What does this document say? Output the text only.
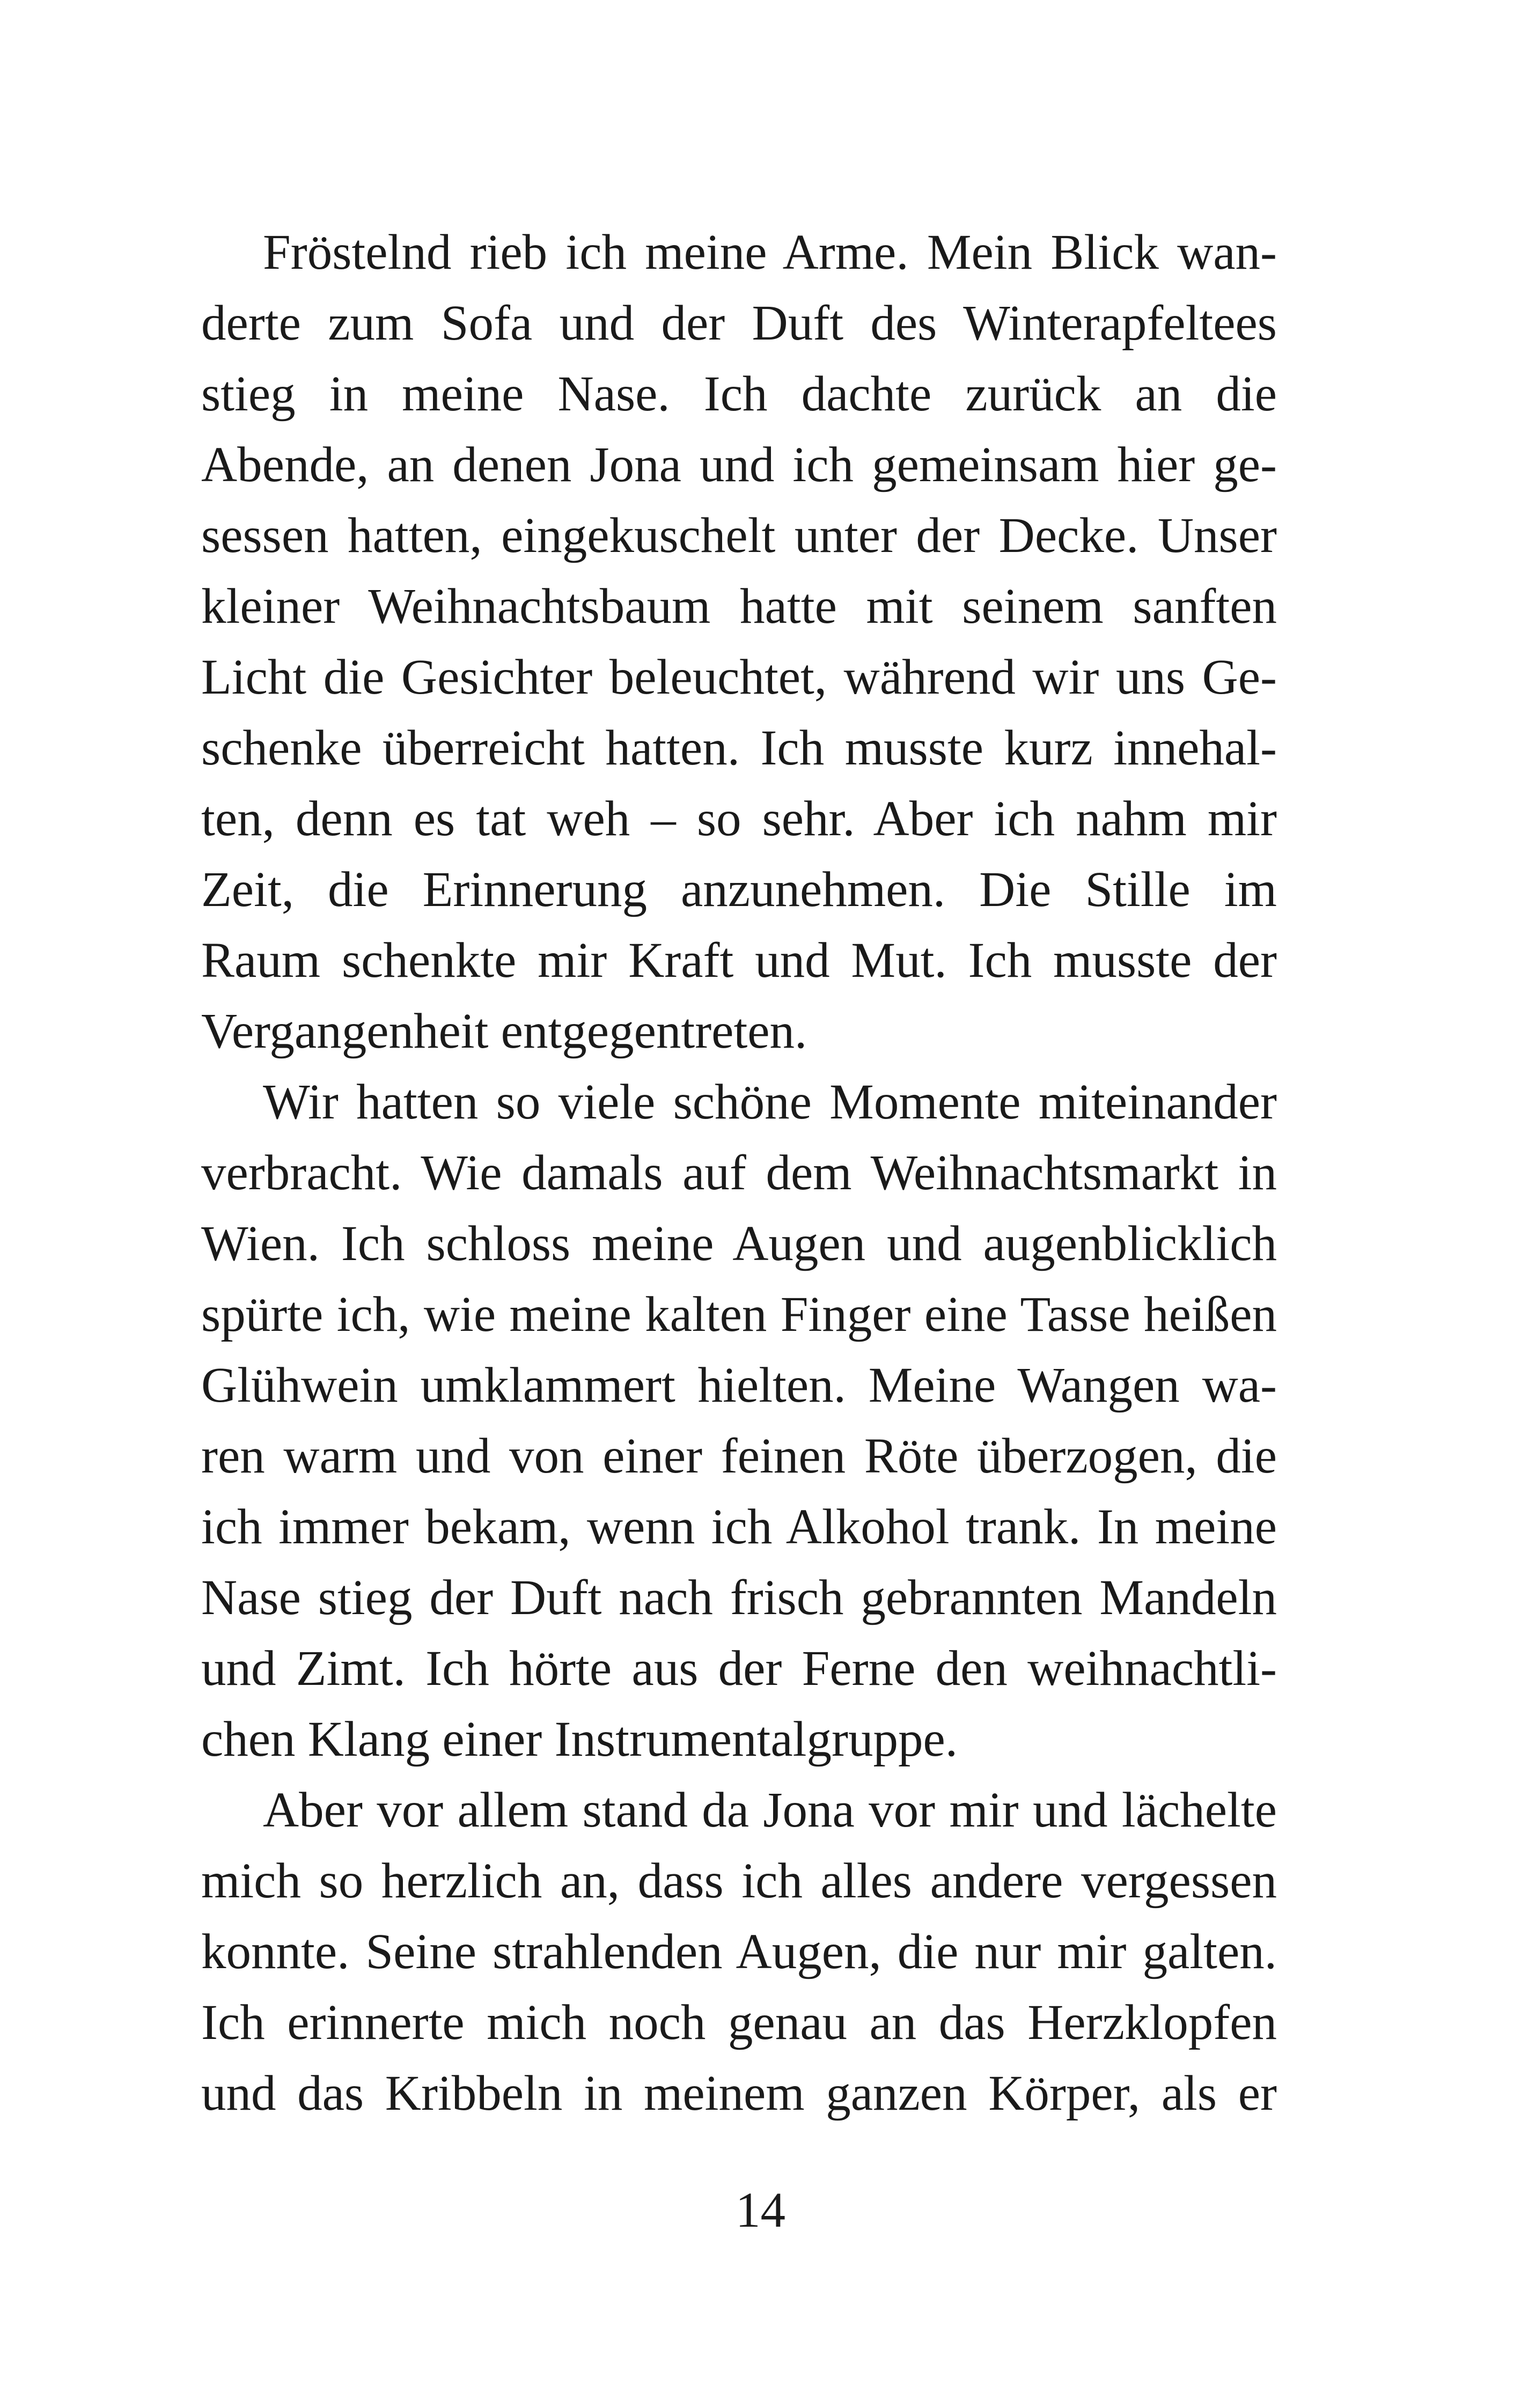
Fröstelnd rieb ich meine Arme. Mein Blick wan-
derte zum Sofa und der Duft des Winterapfeltees
stieg in meine Nase. Ich dachte zurück an die
Abende, an denen Jona und ich gemeinsam hier ge-
sessen hatten, eingekuschelt unter der Decke. Unser
kleiner Weihnachtsbaum hatte mit seinem sanften
Licht die Gesichter beleuchtet, während wir uns Ge-
schenke überreicht hatten. Ich musste kurz innehal-
ten, denn es tat weh – so sehr. Aber ich nahm mir
Zeit, die Erinnerung anzunehmen. Die Stille im
Raum schenkte mir Kraft und Mut. Ich musste der
Vergangenheit entgegentreten.
Wir hatten so viele schöne Momente miteinander
verbracht. Wie damals auf dem Weihnachtsmarkt in
Wien. Ich schloss meine Augen und augenblicklich
spürte ich, wie meine kalten Finger eine Tasse heißen
Glühwein umklammert hielten. Meine Wangen wa-
ren warm und von einer feinen Röte überzogen, die
ich immer bekam, wenn ich Alkohol trank. In meine
Nase stieg der Duft nach frisch gebrannten Mandeln
und Zimt. Ich hörte aus der Ferne den weihnachtli-
chen Klang einer Instrumentalgruppe.
Aber vor allem stand da Jona vor mir und lächelte
mich so herzlich an, dass ich alles andere vergessen
konnte. Seine strahlenden Augen, die nur mir galten.
Ich erinnerte mich noch genau an das Herzklopfen
und das Kribbeln in meinem ganzen Körper, als er
14
